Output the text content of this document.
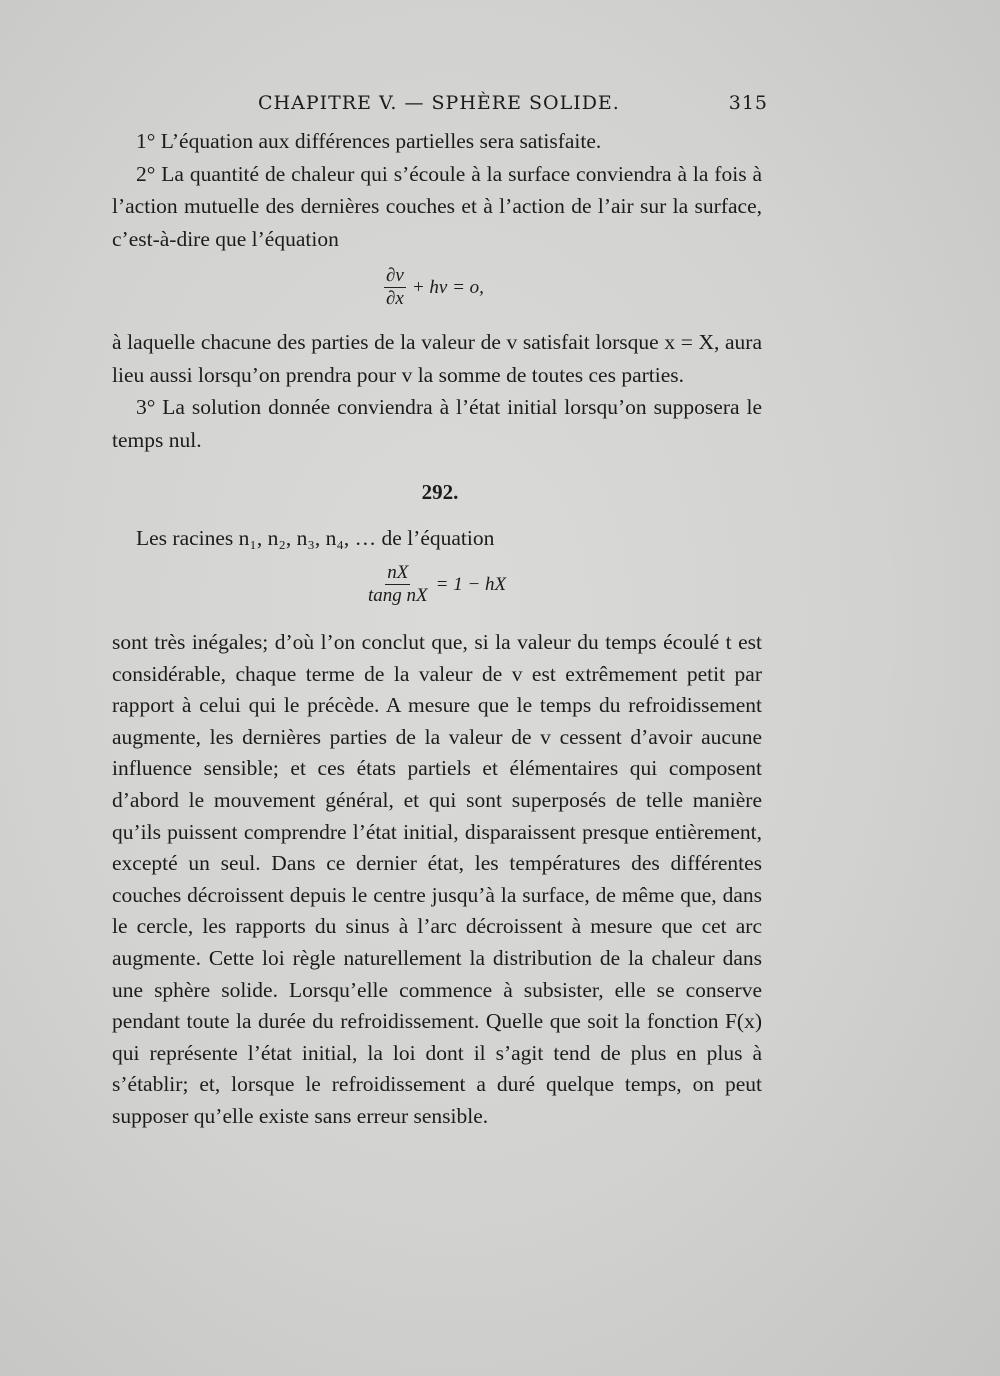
CHAPITRE V. — SPHÈRE SOLIDE.	315

1° L’équation aux différences partielles sera satisfaite.

2° La quantité de chaleur qui s’écoule à la surface conviendra à la fois à l’action mutuelle des dernières couches et à l’action de l’air sur la surface, c’est-à-dire que l’équation

$\frac{\partial v}{\partial x}$ + hv = o,

à laquelle chacune des parties de la valeur de v satisfait lorsque x = X, aura lieu aussi lorsqu’on prendra pour v la somme de toutes ces parties.

3° La solution donnée conviendra à l’état initial lorsqu’on supposera le temps nul.

292.

Les racines n₁, n₂, n₃, n₄, … de l’équation

$\frac{nX}{\text{tang nX}} = 1$ − hX

sont très inégales; d’où l’on conclut que, si la valeur du temps écoulé t est considérable, chaque terme de la valeur de v est extrêmement petit par rapport à celui qui le précède. A mesure que le temps du refroidissement augmente, les dernières parties de la valeur de v cessent d’avoir aucune influence sensible; et ces états partiels et élémentaires qui composent d’abord le mouvement général, et qui sont superposés de telle manière qu’ils puissent comprendre l’état initial, disparaissent presque entièrement, excepté un seul. Dans ce dernier état, les températures des différentes couches décroissent depuis le centre jusqu’à la surface, de même que, dans le cercle, les rapports du sinus à l’arc décroissent à mesure que cet arc augmente. Cette loi règle naturellement la distribution de la chaleur dans une sphère solide. Lorsqu’elle commence à subsister, elle se conserve pendant toute la durée du refroidissement. Quelle que soit la fonction F(x) qui représente l’état initial, la loi dont il s’agit tend de plus en plus à s’établir; et, lorsque le refroidissement a duré quelque temps, on peut supposer qu’elle existe sans erreur sensible.
